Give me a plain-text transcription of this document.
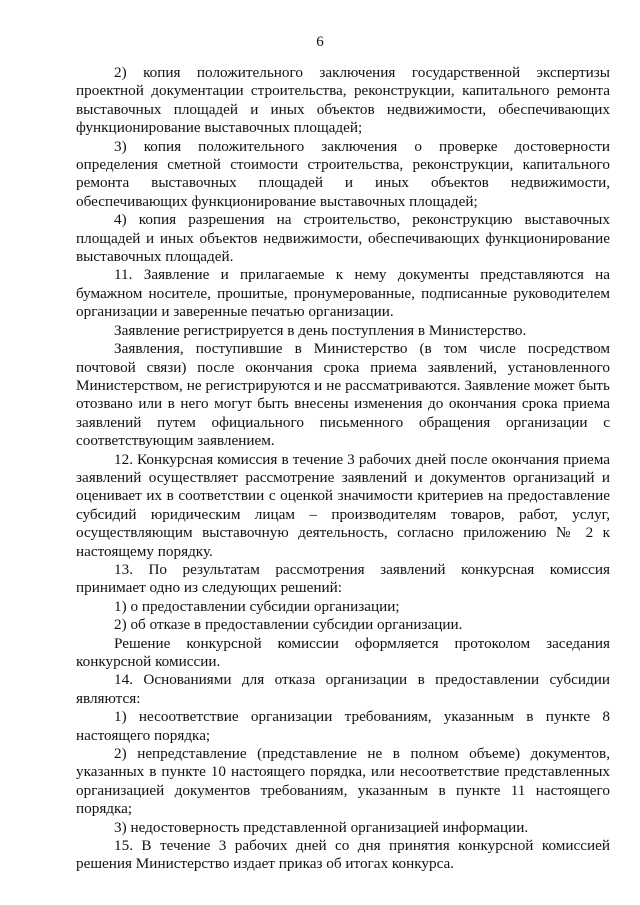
6

2) копия положительного заключения государственной экспертизы проектной документации строительства, реконструкции, капитального ремонта выставочных площадей и иных объектов недвижимости, обеспечивающих функционирование выставочных площадей;

3) копия положительного заключения о проверке достоверности определения сметной стоимости строительства, реконструкции, капитального ремонта выставочных площадей и иных объектов недвижимости, обеспечивающих функционирование выставочных площадей;

4) копия разрешения на строительство, реконструкцию выставочных площадей и иных объектов недвижимости, обеспечивающих функционирование выставочных площадей.

11. Заявление и прилагаемые к нему документы представляются на бумажном носителе, прошитые, пронумерованные, подписанные руководителем организации и заверенные печатью организации.

Заявление регистрируется в день поступления в Министерство.

Заявления, поступившие в Министерство (в том числе посредством почтовой связи) после окончания срока приема заявлений, установленного Министерством, не регистрируются и не рассматриваются. Заявление может быть отозвано или в него могут быть внесены изменения до окончания срока приема заявлений путем официального письменного обращения организации с соответствующим заявлением.

12. Конкурсная комиссия в течение 3 рабочих дней после окончания приема заявлений осуществляет рассмотрение заявлений и документов организаций и оценивает их в соответствии с оценкой значимости критериев на предоставление субсидий юридическим лицам – производителям товаров, работ, услуг, осуществляющим выставочную деятельность, согласно приложению № 2 к настоящему порядку.

13. По результатам рассмотрения заявлений конкурсная комиссия принимает одно из следующих решений:

1) о предоставлении субсидии организации;

2) об отказе в предоставлении субсидии организации.

Решение конкурсной комиссии оформляется протоколом заседания конкурсной комиссии.

14. Основаниями для отказа организации в предоставлении субсидии являются:

1) несоответствие организации требованиям, указанным в пункте 8 настоящего порядка;

2) непредставление (представление не в полном объеме) документов, указанных в пункте 10 настоящего порядка, или несоответствие представленных организацией документов требованиям, указанным в пункте 11 настоящего порядка;

3) недостоверность представленной организацией информации.

15. В течение 3 рабочих дней со дня принятия конкурсной комиссией решения Министерство издает приказ об итогах конкурса.
